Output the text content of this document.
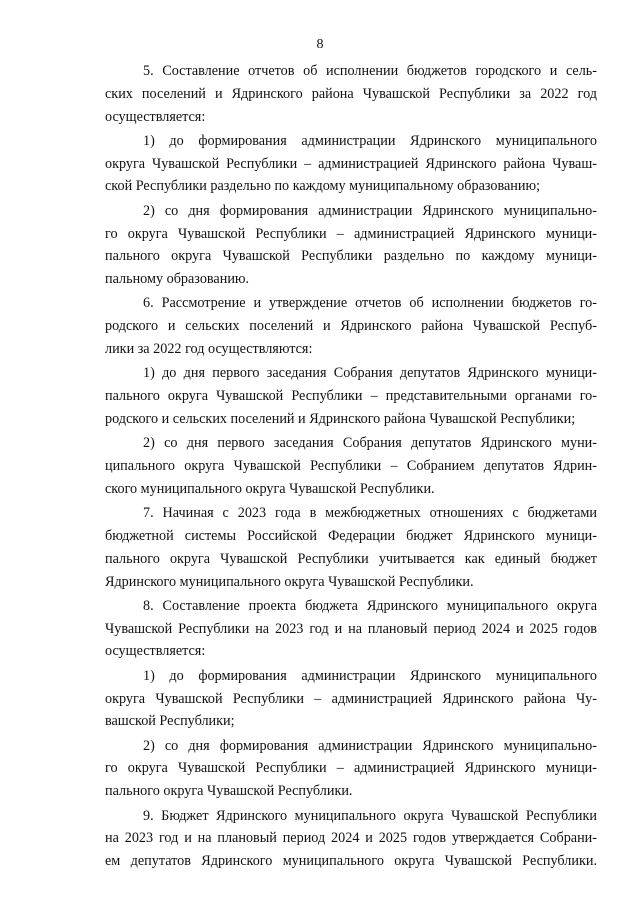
8
5. Составление отчетов об исполнении бюджетов городского и сель-
ских поселений и Ядринского района Чувашской Республики за 2022 год
осуществляется:
1) до формирования администрации Ядринского муниципального
округа Чувашской Республики – администрацией Ядринского района Чуваш-
ской Республики раздельно по каждому муниципальному образованию;
2) со дня формирования администрации Ядринского муниципально-
го округа Чувашской Республики – администрацией Ядринского муници-
пального округа Чувашской Республики раздельно по каждому муници-
пальному образованию.
6. Рассмотрение и утверждение отчетов об исполнении бюджетов го-
родского и сельских поселений и Ядринского района Чувашской Респуб-
лики за 2022 год осуществляются:
1) до дня первого заседания Собрания депутатов Ядринского муници-
пального округа Чувашской Республики – представительными органами го-
родского и сельских поселений и Ядринского района Чувашской Республики;
2) со дня первого заседания Собрания депутатов Ядринского муни-
ципального округа Чувашской Республики – Собранием депутатов Ядрин-
ского муниципального округа Чувашской Республики.
7. Начиная с 2023 года в межбюджетных отношениях с бюджетами
бюджетной системы Российской Федерации бюджет Ядринского муници-
пального округа Чувашской Республики учитывается как единый бюджет
Ядринского муниципального округа Чувашской Республики.
8. Составление проекта бюджета Ядринского муниципального округа
Чувашской Республики на 2023 год и на плановый период 2024 и 2025 годов
осуществляется:
1) до формирования администрации Ядринского муниципального
округа Чувашской Республики – администрацией Ядринского района Чу-
вашской Республики;
2) со дня формирования администрации Ядринского муниципально-
го округа Чувашской Республики – администрацией Ядринского муници-
пального округа Чувашской Республики.
9. Бюджет Ядринского муниципального округа Чувашской Республики
на 2023 год и на плановый период 2024 и 2025 годов утверждается Собрани-
ем депутатов Ядринского муниципального округа Чувашской Республики.
